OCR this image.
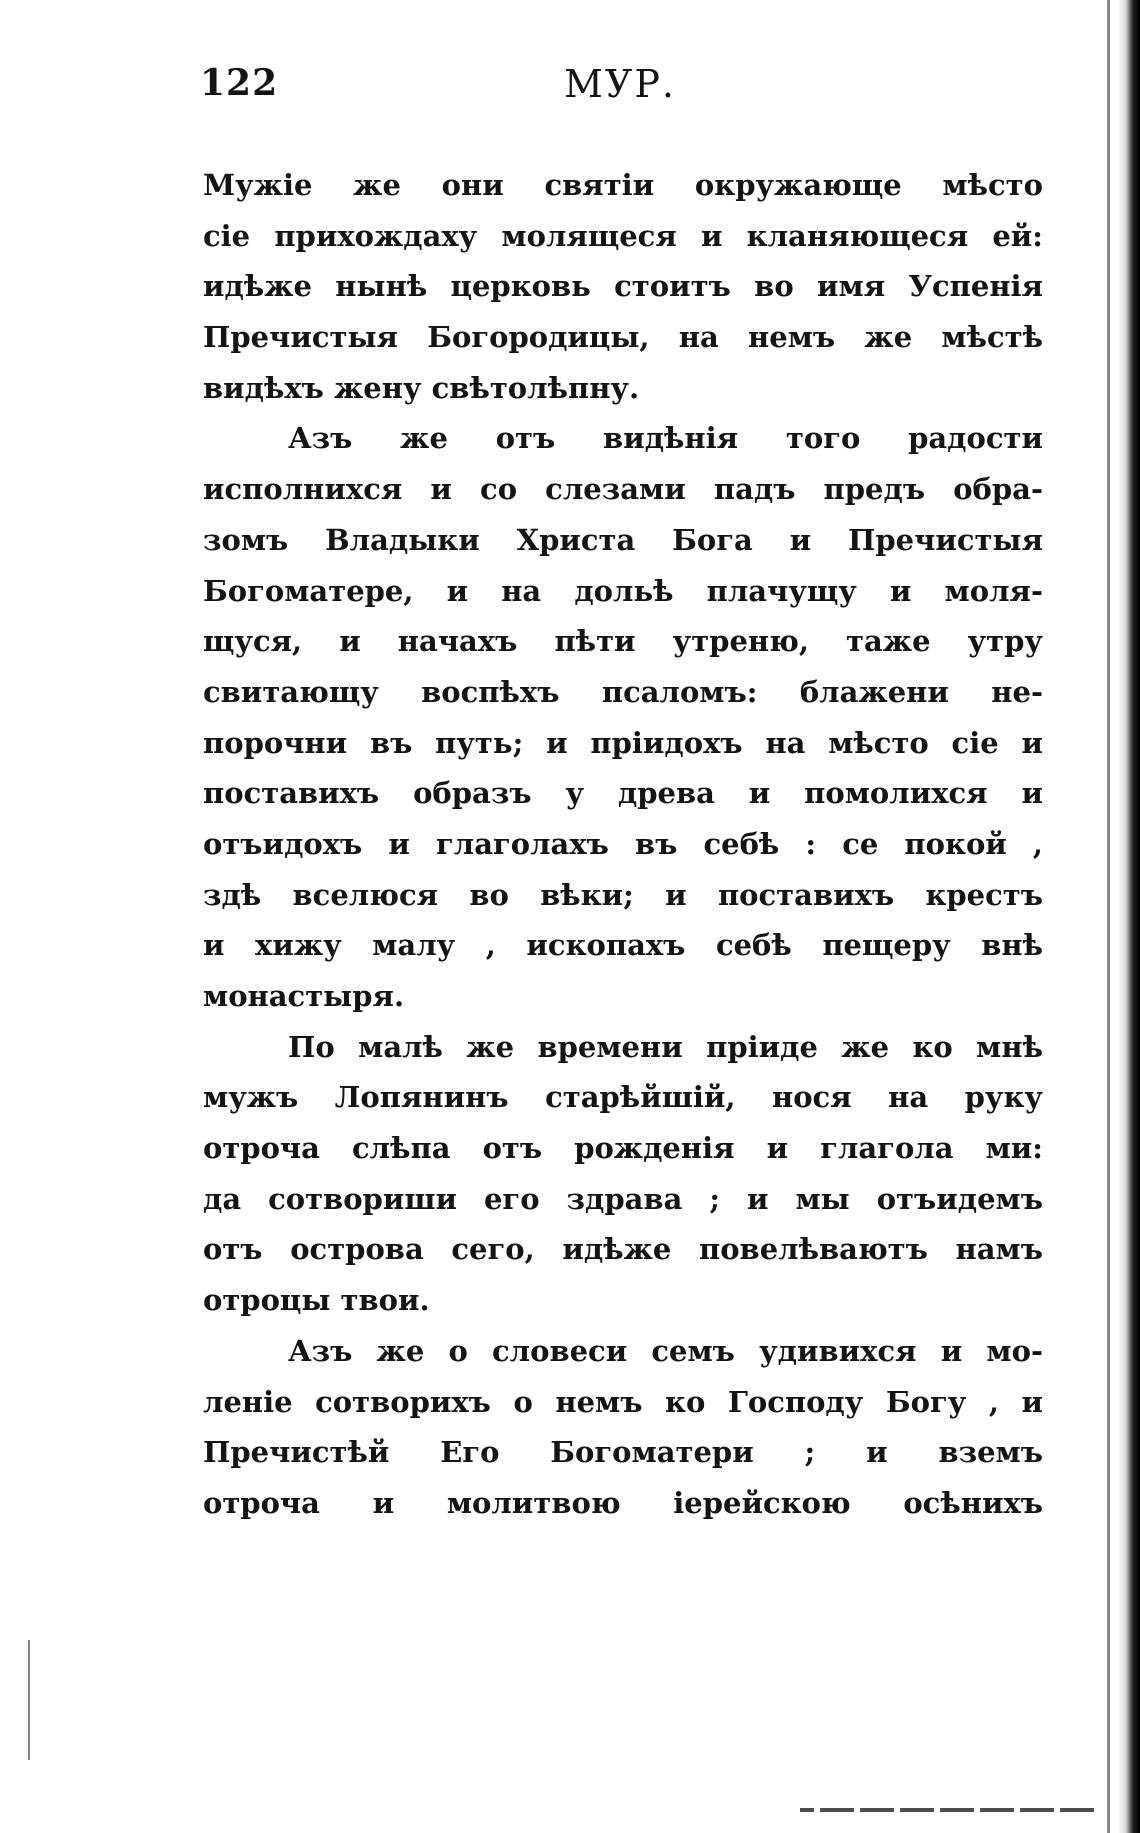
122	МУР.
Мужіе же они святіи окружающе мѣсто
сіе прихождаху молящеся и кланяющеся ей:
идѣже нынѣ церковь стоитъ во имя Успенія
Пречистыя Богородицы, на немъ же мѣстѣ
видѣхъ жену свѣтолѣпну.
Азъ же отъ видѣнія того радости
исполнихся и со слезами падъ предъ обра-
зомъ Владыки Христа Бога и Пречистыя
Богоматере, и на дольѣ плачущу и моля-
щуся, и начахъ пѣти утреню, таже утру
свитающу воспѣхъ псаломъ: блажени не-
порочни въ путь; и пріидохъ на мѣсто сіе и
поставихъ образъ у древа и помолихся и
отъидохъ и глаголахъ въ себѣ : се покой ,
здѣ вселюся во вѣки; и поставихъ крестъ
и хижу малу , ископахъ себѣ пещеру внѣ
монастыря.
По малѣ же времени пріиде же ко мнѣ
мужъ Лопянинъ старѣйшій, нося на руку
отроча слѣпа отъ рожденія и глагола ми:
да сотвориши его здрава ; и мы отъидемъ
отъ острова сего, идѣже повелѣваютъ намъ
отроцы твои.
Азъ же о словеси семъ удивихся и мо-
леніе сотворихъ о немъ ко Господу Богу , и
Пречистѣй Его Богоматери ; и вземъ
отроча и молитвою iерейскою осѣнихъ
